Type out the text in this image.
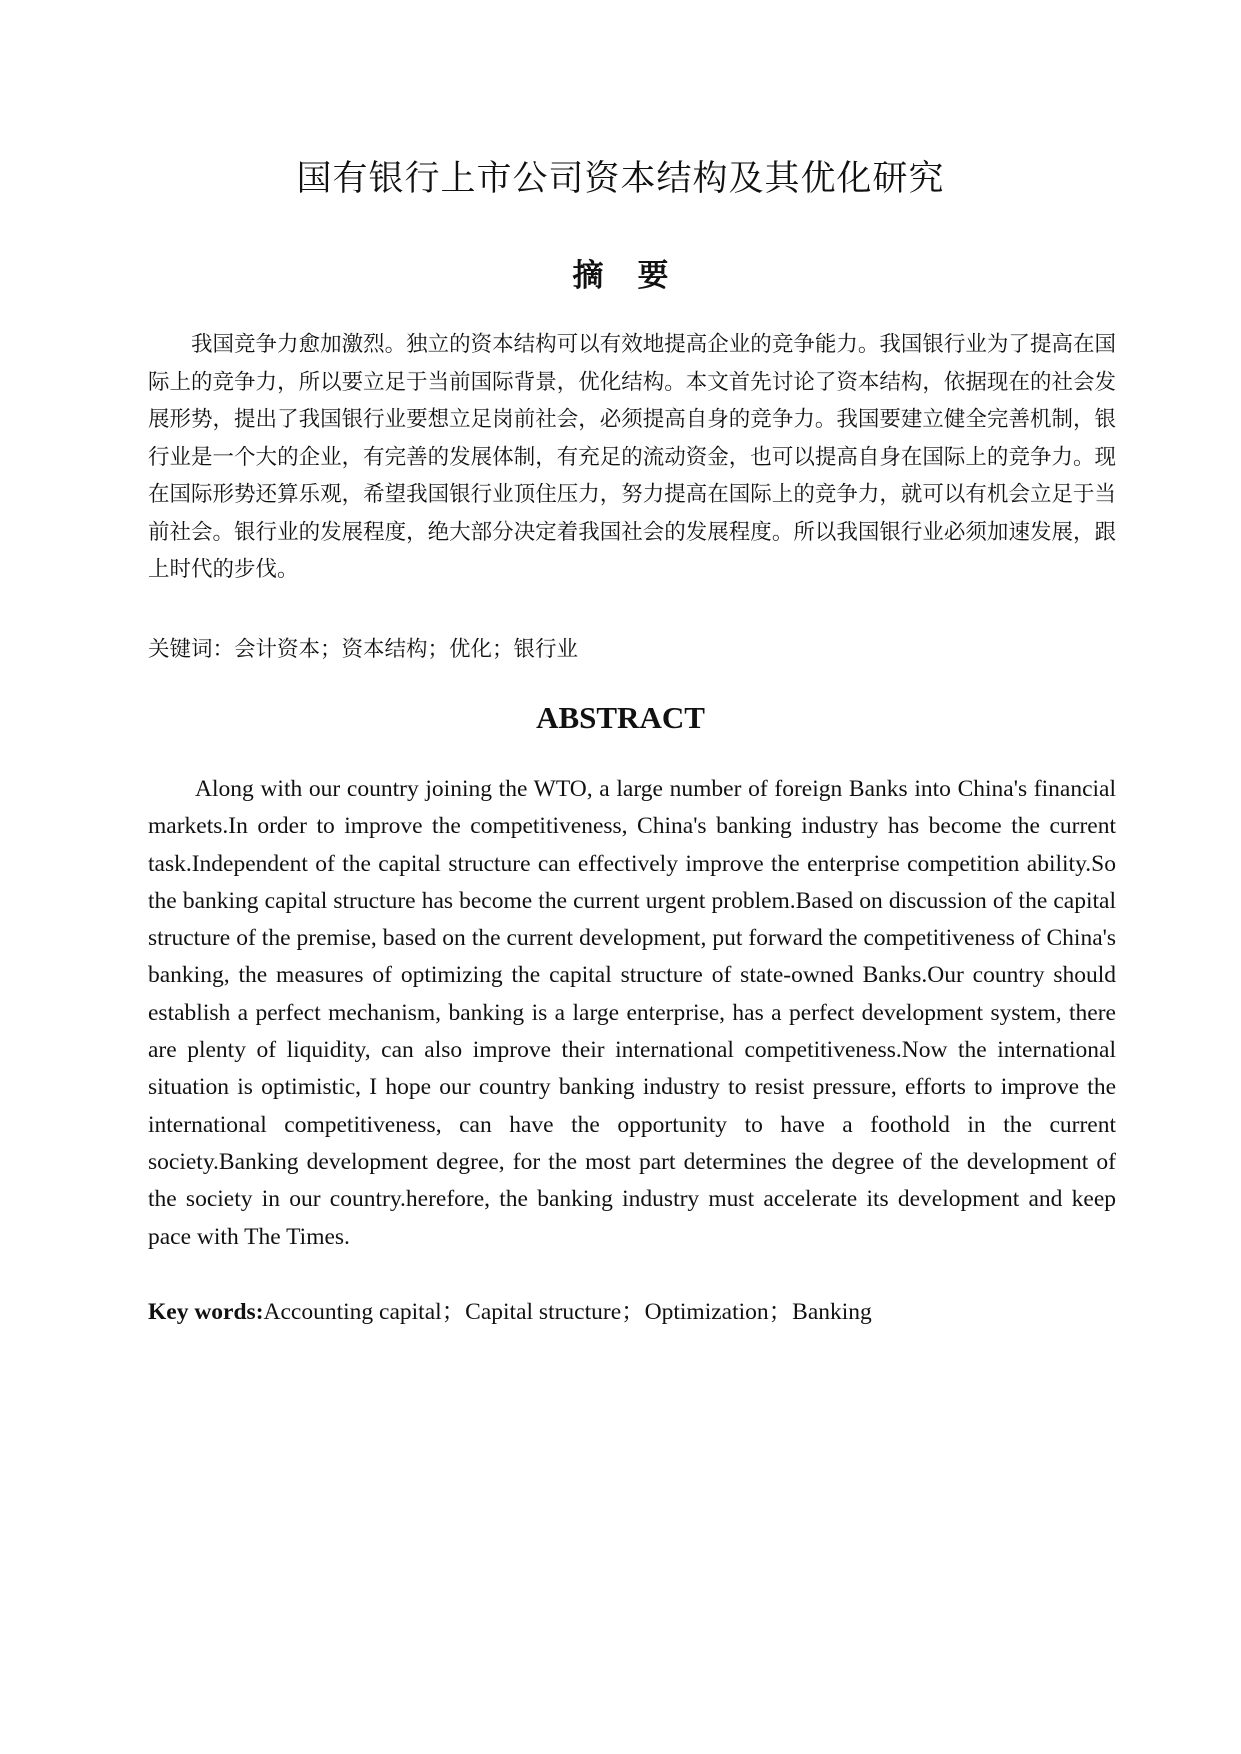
国有银行上市公司资本结构及其优化研究
摘 要

我国竞争力愈加激烈。独立的资本结构可以有效地提高企业的竞争能力。我国银行业为了提高在国际上的竞争力，所以要立足于当前国际背景，优化结构。本文首先讨论了资本结构，依据现在的社会发展形势，提出了我国银行业要想立足岗前社会，必须提高自身的竞争力。我国要建立健全完善机制，银行业是一个大的企业，有完善的发展体制，有充足的流动资金，也可以提高自身在国际上的竞争力。现在国际形势还算乐观，希望我国银行业顶住压力，努力提高在国际上的竞争力，就可以有机会立足于当前社会。银行业的发展程度，绝大部分决定着我国社会的发展程度。所以我国银行业必须加速发展，跟上时代的步伐。

关键词：会计资本；资本结构；优化；银行业

ABSTRACT

Along with our country joining the WTO, a large number of foreign Banks into China's financial markets.In order to improve the competitiveness, China's banking industry has become the current task.Independent of the capital structure can effectively improve the enterprise competition ability.So the banking capital structure has become the current urgent problem.Based on discussion of the capital structure of the premise, based on the current development, put forward the competitiveness of China's banking, the measures of optimizing the capital structure of state-owned Banks.Our country should establish a perfect mechanism, banking is a large enterprise, has a perfect development system, there are plenty of liquidity, can also improve their international competitiveness.Now the international situation is optimistic, I hope our country banking industry to resist pressure, efforts to improve the international competitiveness, can have the opportunity to have a foothold in the current society.Banking development degree, for the most part determines the degree of the development of the society in our country.herefore, the banking industry must accelerate its development and keep pace with The Times.

Key words:Accounting capital；Capital structure；Optimization；Banking
